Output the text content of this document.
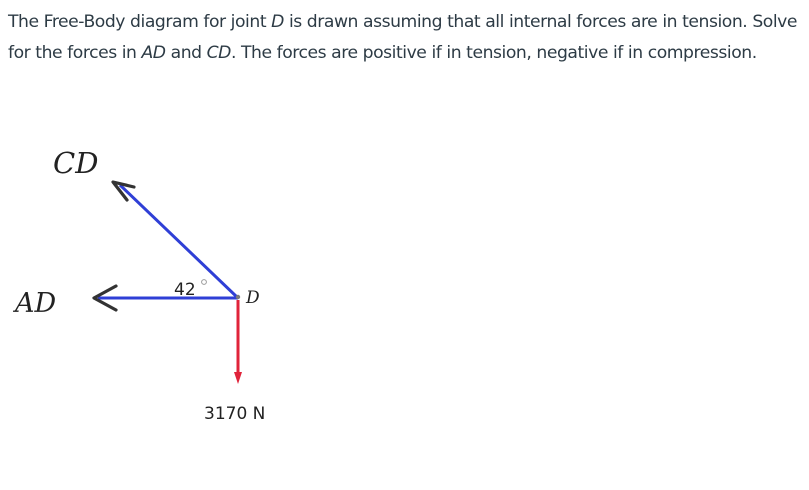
The Free-Body diagram for joint D is drawn assuming that all internal forces are in tension. Solve for the forces in AD and CD. The forces are positive if in tension, negative if in compression.
CD
AD	D
42
3170 N
